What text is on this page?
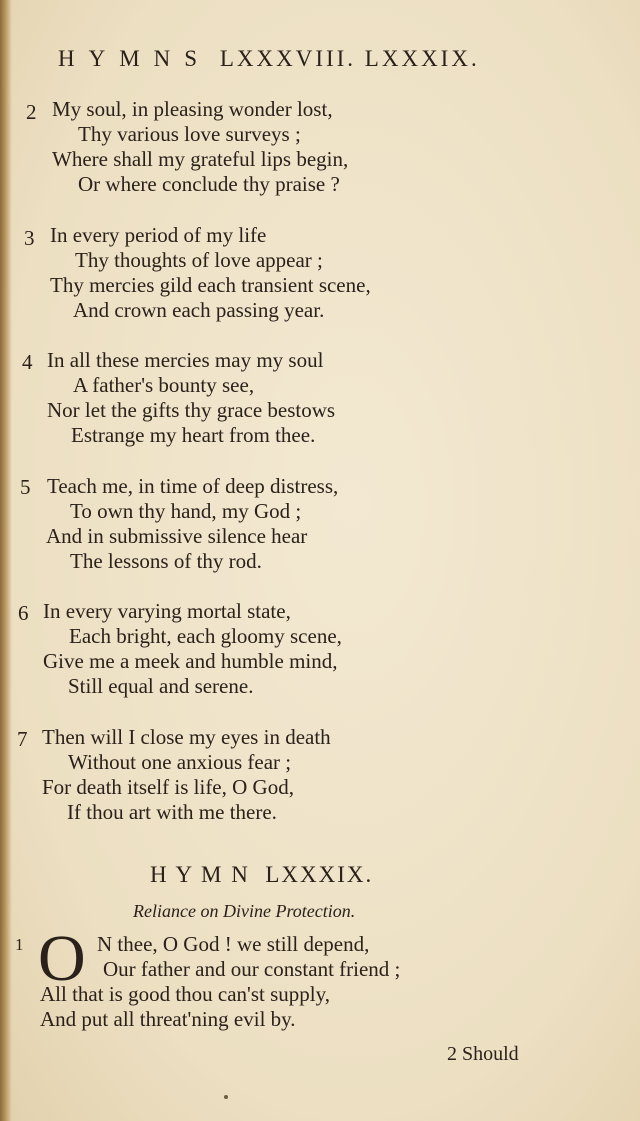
HYMNS LXXXVIII. LXXXIX.
2 My soul, in pleasing wonder lost,
Thy various love surveys ;
Where shall my grateful lips begin,
Or where conclude thy praise ?
3 In every period of my life
Thy thoughts of love appear ;
Thy mercies gild each transient scene,
And crown each passing year.
4 In all these mercies may my soul
A father's bounty see,
Nor let the gifts thy grace bestows
Estrange my heart from thee.
5 Teach me, in time of deep distress,
To own thy hand, my God ;
And in submissive silence hear
The lessons of thy rod.
6 In every varying mortal state,
Each bright, each gloomy scene,
Give me a meek and humble mind,
Still equal and serene.
7 Then will I close my eyes in death
Without one anxious fear ;
For death itself is life, O God,
If thou art with me there.
H Y M N  LXXXIX.
Reliance on Divine Protection.
1 O N thee, O God ! we still depend,
Our father and our constant friend ;
All that is good thou can'st supply,
And put all threat'ning evil by.
2 Should
